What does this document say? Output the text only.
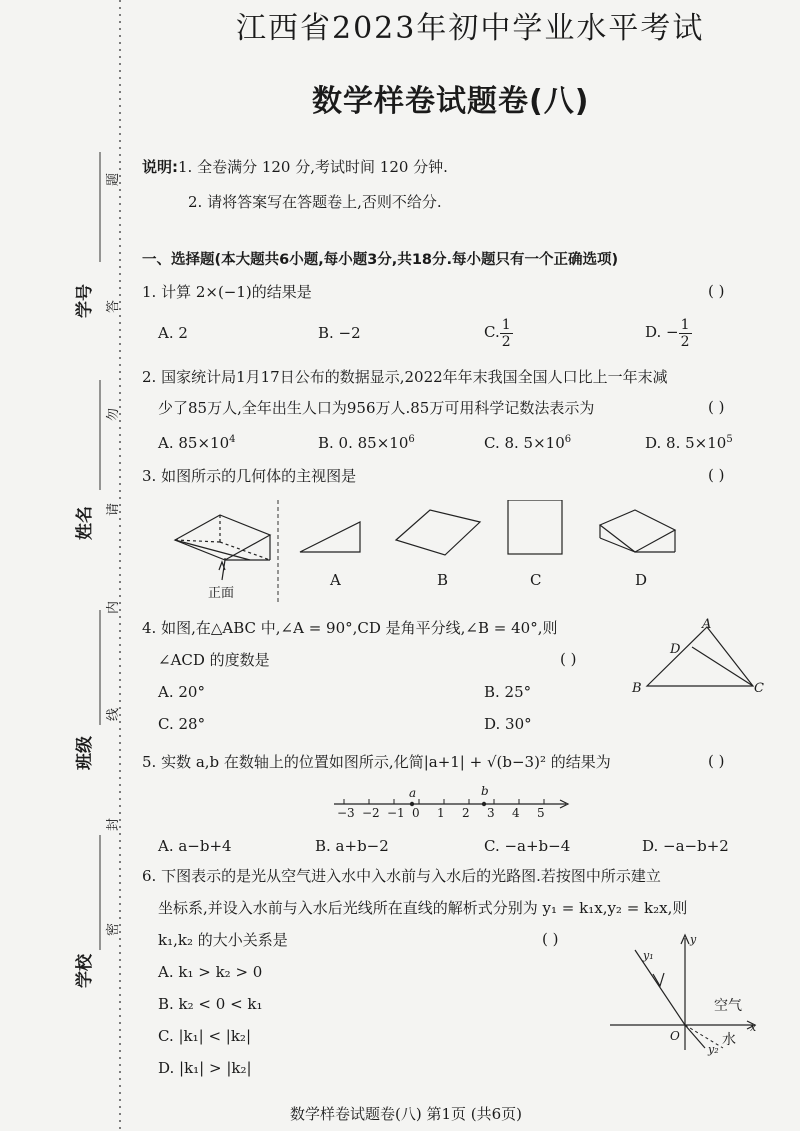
学号
姓名
班级
学校
题
答
勿
请
内
线
封
密
江西省2023年初中学业水平考试
数学样卷试题卷(八)
说明:1. 全卷满分 120 分,考试时间 120 分钟.
2. 请将答案写在答题卷上,否则不给分.
一、选择题(本大题共6小题,每小题3分,共18分.每小题只有一个正确选项)
1. 计算 2×(−1)的结果是	( )
A. 2	B. −2	C. $\frac{1}{2}$	D. − $\frac{1}{2}$
2. 国家统计局1月17日公布的数据显示,2022年年末我国全国人口比上一年末减
少了85万人,全年出生人口为956万人.85万可用科学记数法表示为	( )
A. $85\times 10^4$	B. 0. $85\times 10^6$	C. 8. $5\times 10^6$	D. 8. $5\times 10^5$
3. 如图所示的几何体的主视图是	( )
正面
A	B	C	D
4. 如图,在△ABC 中,∠A = 90°,CD 是角平分线,∠B = 40°,则
∠ACD 的度数是	( )
A. 20°	B. 25°
C. 28°	D. 30°
A
D
B	C
5. 实数 a,b 在数轴上的位置如图所示,化简|a+1| + √(b−3)² 的结果为	( )
a	b
−3 −2 −1 0 1 2 3 4 5
A. a−b+4	B. a+b−2	C. −a+b−4	D. −a−b+2
6. 下图表示的是光从空气进入水中入水前与入水后的光路图.若按图中所示建立
坐标系,并设入水前与入水后光线所在直线的解析式分别为 y₁ = k₁x,y₂ = k₂x,则
k₁,k₂ 的大小关系是	( )
A. k₁ > k₂ > 0
B. k₂ < 0 < k₁
C. |k₁| < |k₂|
D. |k₁| > |k₂|
y₁
y
x
O
空气
水
y₂
数学样卷试题卷(八) 第1页 (共6页)
